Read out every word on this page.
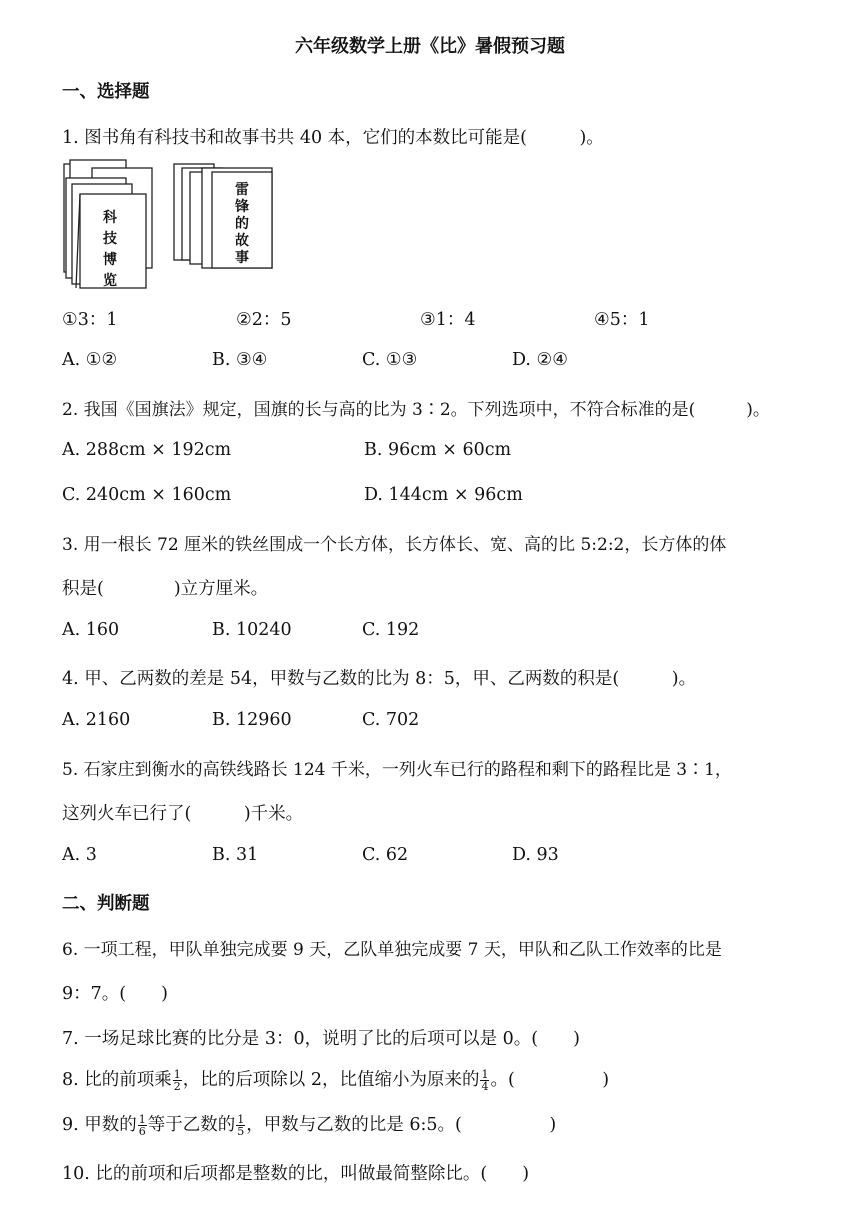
六年级数学上册《比》暑假预习题
一、选择题
1. 图书角有科技书和故事书共 40 本，它们的本数比可能是(　　　)。
科
技
博
览
雷
锋
的
故
事
①3：1	②2：5	③1：4	④5：1
A. ①②	B. ③④	C. ①③	D. ②④
2. 我国《国旗法》规定，国旗的长与高的比为 3∶2。下列选项中，不符合标准的是(　　　)。
A. 288cm × 192cm	B. 96cm × 60cm
C. 240cm × 160cm	D. 144cm × 96cm
3. 用一根长 72 厘米的铁丝围成一个长方体，长方体长、宽、高的比 5:2:2，长方体的体
积是(　　　　)立方厘米。
A. 160	B. 10240	C. 192
4. 甲、乙两数的差是 54，甲数与乙数的比为 8：5，甲、乙两数的积是(　　　)。
A. 2160	B. 12960	C. 702
5. 石家庄到衡水的高铁线路长 124 千米，一列火车已行的路程和剩下的路程比是 3∶1，
这列火车已行了(　　　)千米。
A. 3	B. 31	C. 62	D. 93
二、判断题
6. 一项工程，甲队单独完成要 9 天，乙队单独完成要 7 天，甲队和乙队工作效率的比是
9：7。(　　)
7. 一场足球比赛的比分是 3：0，说明了比的后项可以是 0。(　　)
8. 比的前项乘 $\frac{1}{2}$ ，比的后项除以 2，比值缩小为原来的 $\frac{1}{4}$ 。(　　　　　)
9. 甲数的 $\frac{1}{6}$ 等于乙数的 $\frac{1}{5}$ ，甲数与乙数的比是 6:5。(　　　　　)
10. 比的前项和后项都是整数的比，叫做最简整除比。(　　)
